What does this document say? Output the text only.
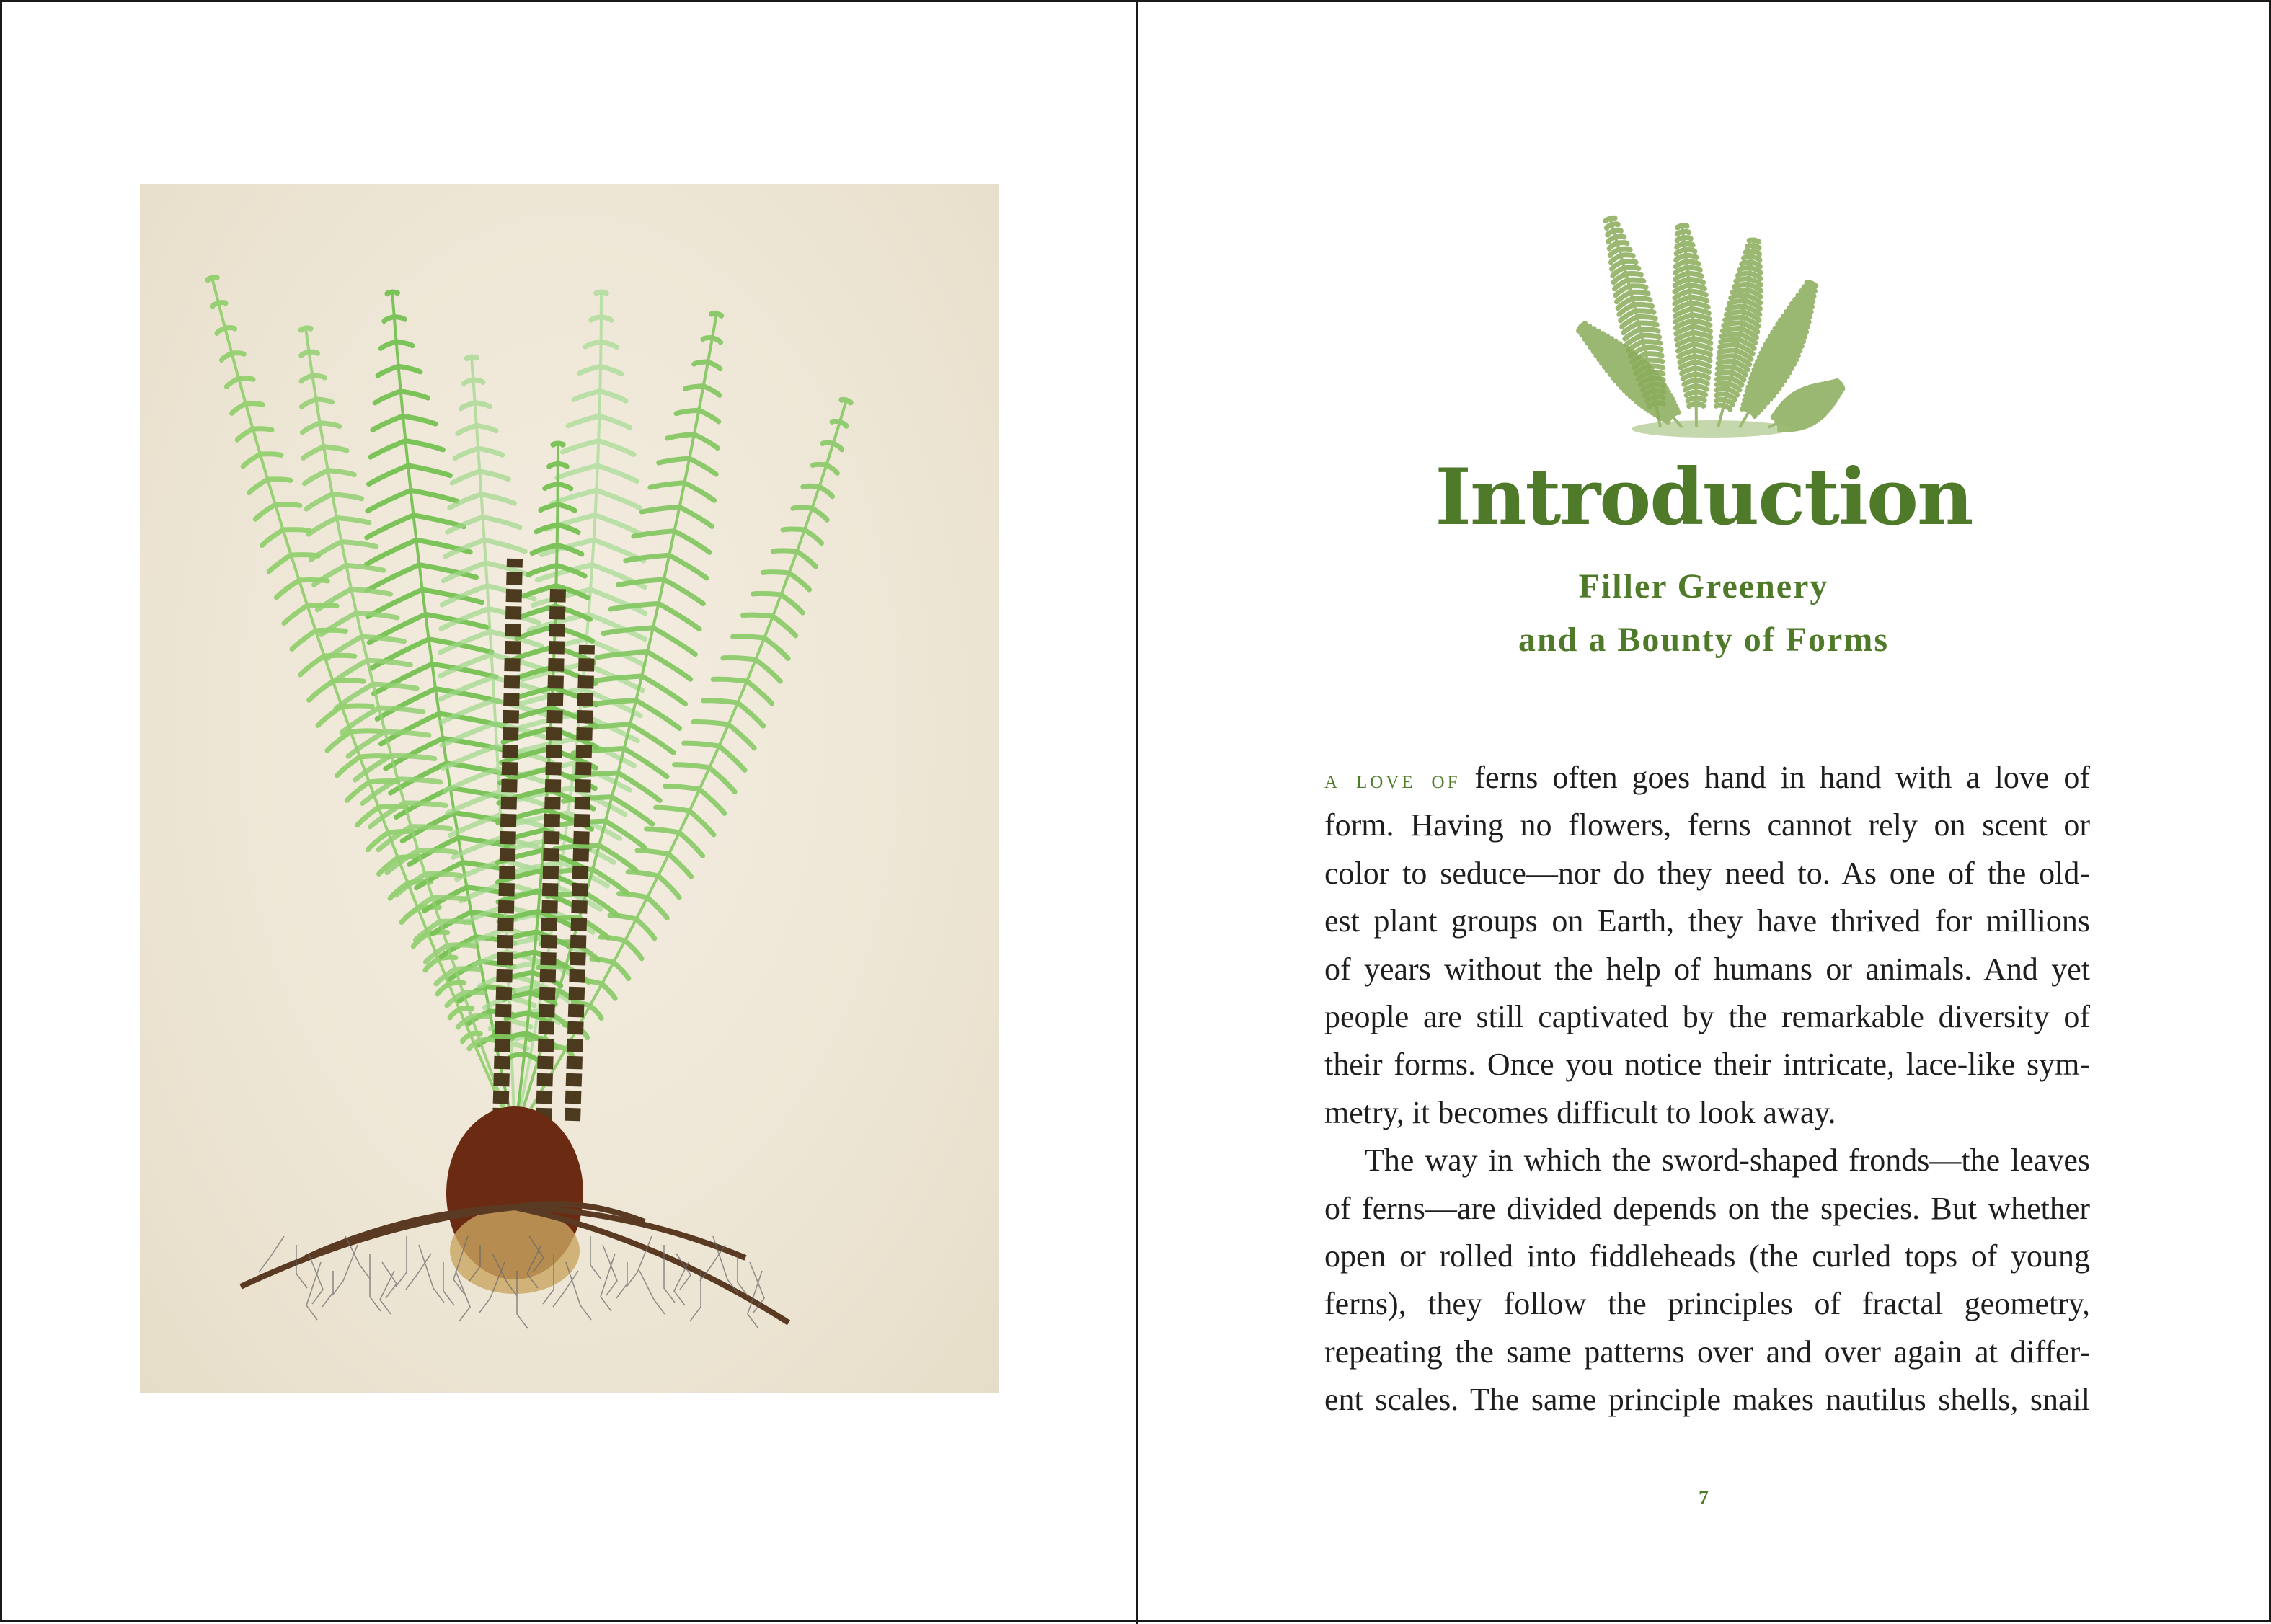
Introduction
Filler Greenery
and a Bounty of Forms
a love of ferns often goes hand in hand with a love of
form. Having no flowers, ferns cannot rely on scent or
color to seduce—nor do they need to. As one of the old-
est plant groups on Earth, they have thrived for millions
of years without the help of humans or animals. And yet
people are still captivated by the remarkable diversity of
their forms. Once you notice their intricate, lace-like sym-
metry, it becomes difficult to look away.
The way in which the sword-shaped fronds—the leaves
of ferns—are divided depends on the species. But whether
open or rolled into fiddleheads (the curled tops of young
ferns), they follow the principles of fractal geometry,
repeating the same patterns over and over again at differ-
ent scales. The same principle makes nautilus shells, snail
7
